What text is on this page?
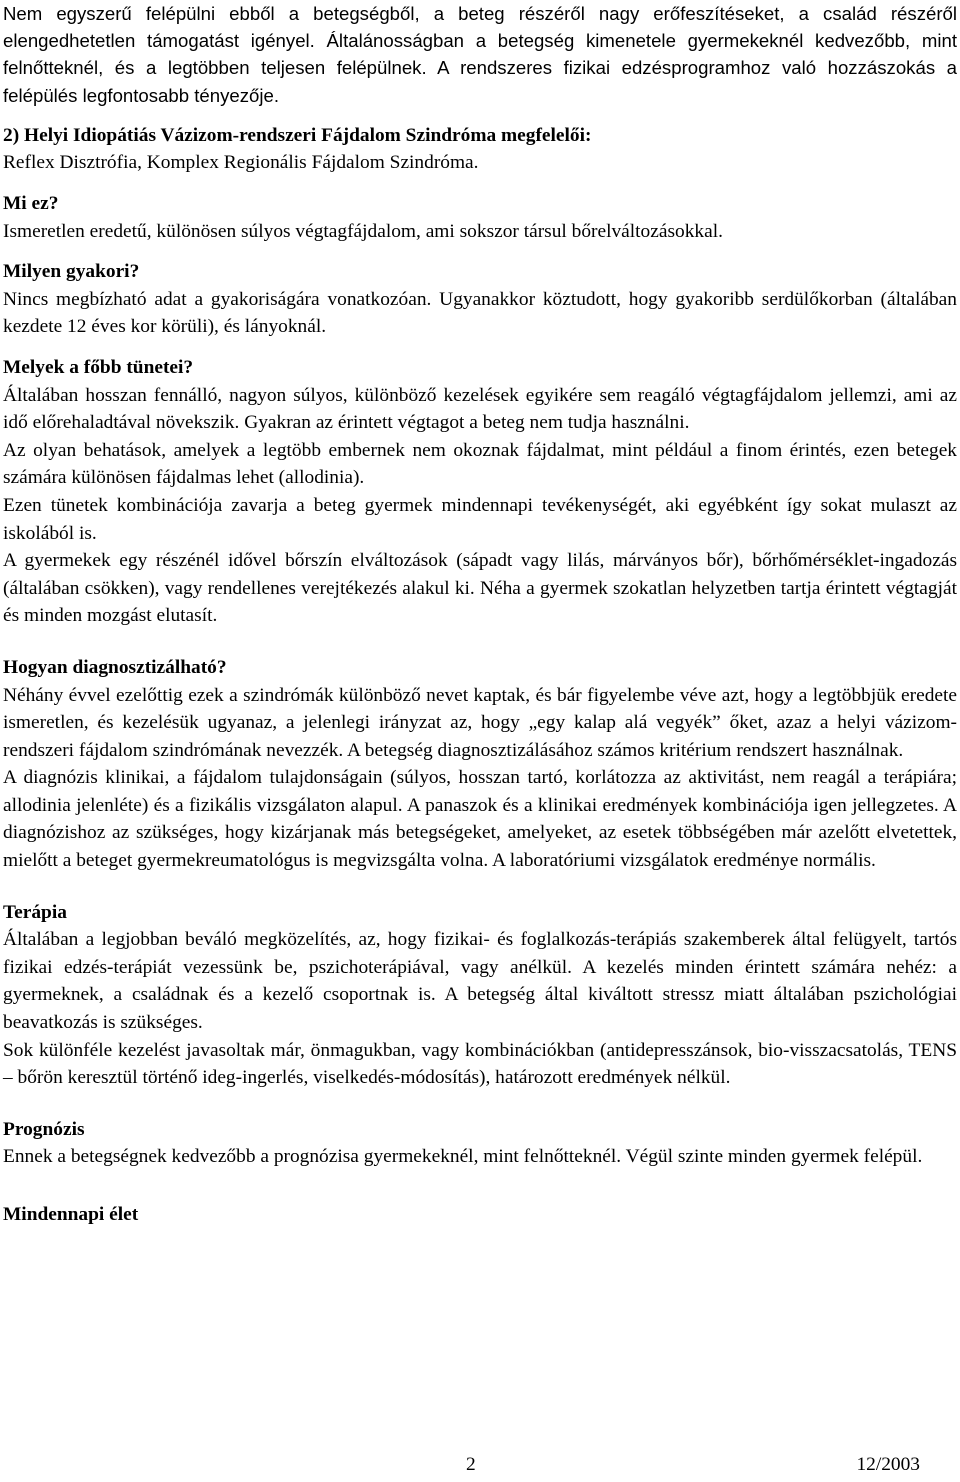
Nem egyszerű felépülni ebből a betegségből, a beteg részéről nagy erőfeszítéseket, a család részéről elengedhetetlen támogatást igényel. Általánosságban a betegség kimenetele gyermekeknél kedvezőbb, mint felnőtteknél, és a legtöbben teljesen felépülnek. A rendszeres fizikai edzésprogramhoz való hozzászokás a felépülés legfontosabb tényezője.

2) Helyi Idiopátiás Vázizom-rendszeri Fájdalom Szindróma megfelelői:

Reflex Disztrófia, Komplex Regionális Fájdalom Szindróma.

Mi ez?

Ismeretlen eredetű, különösen súlyos végtagfájdalom, ami sokszor társul bőrelváltozásokkal.

Milyen gyakori?

Nincs megbízható adat a gyakoriságára vonatkozóan. Ugyanakkor köztudott, hogy gyakoribb serdülőkorban (általában kezdete 12 éves kor körüli), és lányoknál.

Melyek a főbb tünetei?

Általában hosszan fennálló, nagyon súlyos, különböző kezelések egyikére sem reagáló végtagfájdalom jellemzi, ami az idő előrehaladtával növekszik. Gyakran az érintett végtagot a beteg nem tudja használni.

Az olyan behatások, amelyek a legtöbb embernek nem okoznak fájdalmat, mint például a finom érintés, ezen betegek számára különösen fájdalmas lehet (allodinia).

Ezen tünetek kombinációja zavarja a beteg gyermek mindennapi tevékenységét, aki egyébként így sokat mulaszt az iskolából is.

A gyermekek egy részénél idővel bőrszín elváltozások (sápadt vagy lilás, márványos bőr), bőrhőmérséklet-ingadozás (általában csökken), vagy rendellenes verejtékezés alakul ki. Néha a gyermek szokatlan helyzetben tartja érintett végtagját és minden mozgást elutasít.

Hogyan diagnosztizálható?

Néhány évvel ezelőttig ezek a szindrómák különböző nevet kaptak, és bár figyelembe véve azt, hogy a legtöbbjük eredete ismeretlen, és kezelésük ugyanaz, a jelenlegi irányzat az, hogy „egy kalap alá vegyék” őket, azaz a helyi vázizom-rendszeri fájdalom szindrómának nevezzék. A betegség diagnosztizálásához számos kritérium rendszert használnak.

A diagnózis klinikai, a fájdalom tulajdonságain (súlyos, hosszan tartó, korlátozza az aktivitást, nem reagál a terápiára; allodinia jelenléte) és a fizikális vizsgálaton alapul. A panaszok és a klinikai eredmények kombinációja igen jellegzetes. A diagnózishoz az szükséges, hogy kizárjanak más betegségeket, amelyeket, az esetek többségében már azelőtt elvetettek, mielőtt a beteget gyermekreumatológus is megvizsgálta volna. A laboratóriumi vizsgálatok eredménye normális.

Terápia

Általában a legjobban beváló megközelítés, az, hogy fizikai- és foglalkozás-terápiás szakemberek által felügyelt, tartós fizikai edzés-terápiát vezessünk be, pszichoterápiával, vagy anélkül. A kezelés minden érintett számára nehéz: a gyermeknek, a családnak és a kezelő csoportnak is. A betegség által kiváltott stressz miatt általában pszichológiai beavatkozás is szükséges.

Sok különféle kezelést javasoltak már, önmagukban, vagy kombinációkban (antidepresszánsok, bio-visszacsatolás, TENS – bőrön keresztül történő ideg-ingerlés, viselkedés-módosítás), határozott eredmények nélkül.

Prognózis

Ennek a betegségnek kedvezőbb a prognózisa gyermekeknél, mint felnőtteknél. Végül szinte minden gyermek felépül.

Mindennapi élet

2	12/2003
